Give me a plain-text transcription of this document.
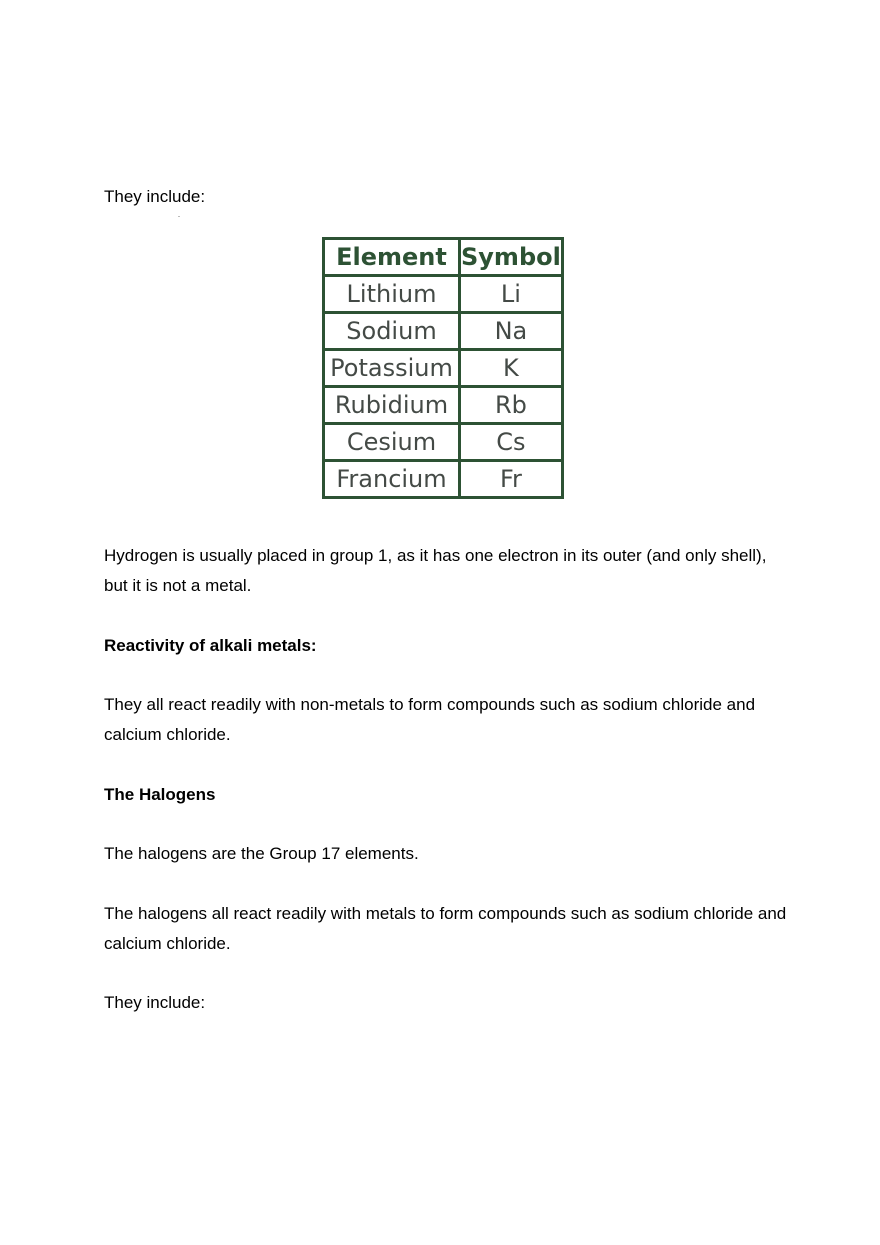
They include:

Element	Symbol
Lithium	Li
Sodium	Na
Potassium	K
Rubidium	Rb
Cesium	Cs
Francium	Fr

Hydrogen is usually placed in group 1, as it has one electron in its outer (and only shell), but it is not a metal.

Reactivity of alkali metals:

They all react readily with non-metals to form compounds such as sodium chloride and calcium chloride.

The Halogens

The halogens are the Group 17 elements.

The halogens all react readily with metals to form compounds such as sodium chloride and calcium chloride.

They include:
